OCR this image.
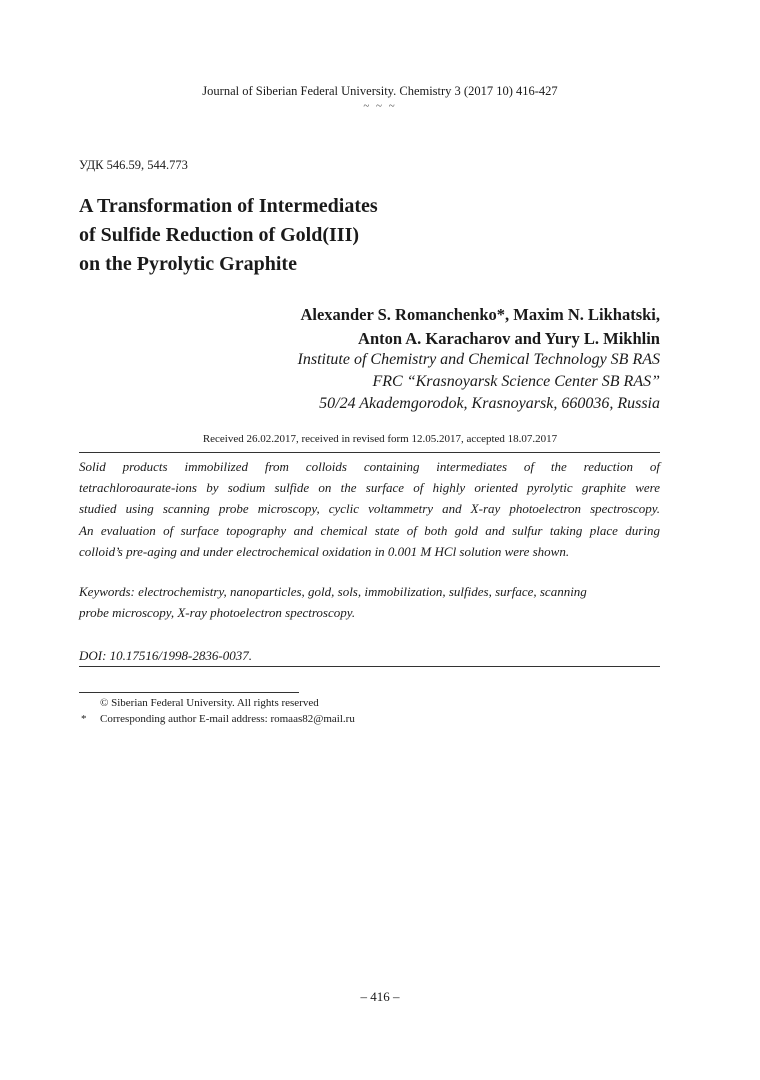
Journal of Siberian Federal University. Chemistry 3 (2017 10) 416-427
~ ~ ~
УДК 546.59, 544.773
A Transformation of Intermediates
of Sulfide Reduction of Gold(III)
on the Pyrolytic Graphite
Alexander S. Romanchenko*, Maxim N. Likhatski,
Anton A. Karacharov and Yury L. Mikhlin
Institute of Chemistry and Chemical Technology SB RAS
FRC “Krasnoyarsk Science Center SB RAS”
50/24 Akademgorodok, Krasnoyarsk, 660036, Russia
Received 26.02.2017, received in revised form 12.05.2017, accepted 18.07.2017
Solid products immobilized from colloids containing intermediates of the reduction of
tetrachloroaurate-ions by sodium sulfide on the surface of highly oriented pyrolytic graphite were studied using scanning probe microscopy, cyclic voltammetry and X-ray photoelectron spectroscopy. An evaluation of surface topography and chemical state of both gold and sulfur taking place during
colloid’s pre-aging and under electrochemical oxidation in 0.001 M HCl solution were shown.
Keywords: electrochemistry, nanoparticles, gold, sols, immobilization, sulfides, surface, scanning
probe microscopy, X-ray photoelectron spectroscopy.
DOI: 10.17516/1998-2836-0037.
© Siberian Federal University. All rights reserved
* Corresponding author E-mail address: romaas82@mail.ru
– 416 –
